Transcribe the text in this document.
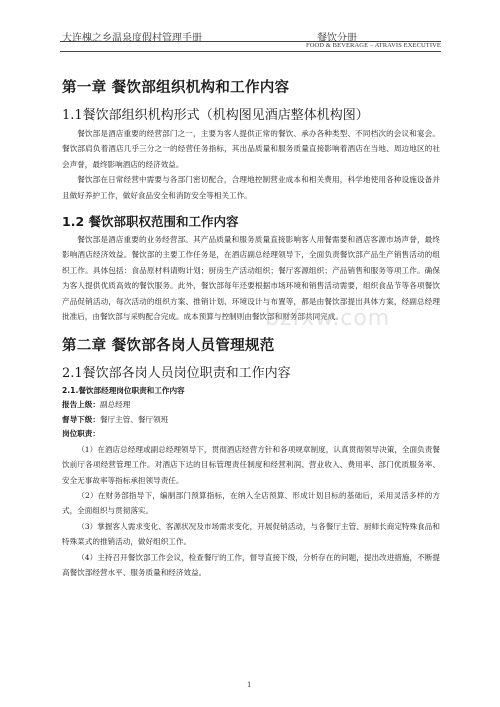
大连槐之乡温泉度假村管理手册	餐饮分册
FOOD & BEVERAGE – ATRAVIS EXECUTIVE
第一章 餐饮部组织机构和工作内容
1.1餐饮部组织机构形式（机构图见酒店整体机构图）

餐饮部是酒店重要的经营部门之一，主要为客人提供正常的餐饮、承办各种类型、不同档次的会议和宴会。餐饮部肩负着酒店几乎三分之一的经营任务指标，其出品质量和服务质量直接影响着酒店在当地、周边地区的社会声誉，最终影响酒店的经济效益。

餐饮部在日常经营中需要与各部门密切配合，合理地控制营业成本和相关费用，科学地使用各种设施设备并且做好养护工作，做好食品安全和消防安全等相关工作。

1.2 餐饮部职权范围和工作内容

餐饮部是酒店重要的业务经营部。其产品质量和服务质量直接影响客人用餐需要和酒店客源市场声誉，最终影响酒店经济效益。餐饮部的主要工作任务是，在酒店副总经理领导下，全面负责餐饮部产品生产销售活动的组织工作。具体包括：食品原材料请购计划；厨房生产活动组织；餐厅客源组织；产品销售和服务等项工作。确保为客人提供优质高效的餐饮服务。此外，餐饮部每年还要根据市场环境和销售活动需要，组织食品节等各项餐饮产品促销活动，每次活动的组织方案、推销计划、环境设计与布置等，都是由餐饮部提出具体方案，经副总经理批准后，由餐饮部与采购配合完成。成本预算与控制则由餐饮部和财务部共同完成。

第二章 餐饮部各岗人员管理规范
2.1餐饮部各岗人员岗位职责和工作内容
2.1.餐饮部经理岗位职责和工作内容
报告上级：副总经理
督导下级：餐厅主管、餐厅领班
岗位职责：

（1）在酒店总经理或副总经理领导下，贯彻酒店经营方针和各项规章制度，认真贯彻领导决策，全面负责餐饮前厅各项经营管理工作。对酒店下达的目标管理责任制度和经营利润、营业收入、费用率、部门优质服务率、安全无事故率等指标承担领导责任。

（2）在财务部指导下，编制部门预算指标，在纳入全店预算、形成计划目标的基础后，采用灵活多样的方式，全面组织与贯彻落实。

（3）掌握客人需求变化、客源状况及市场需求变化，开展促销活动，与各餐厅主管、厨师长商定特殊食品和特殊菜式的推销活动，做好组织工作。

（4）主持召开餐饮部工作会议，检查餐厅的工作，督导直接下级，分析存在的问题，提出改进措施，不断提高餐饮部经营水平、服务质量和经济效益。

bzfxw.com
1
